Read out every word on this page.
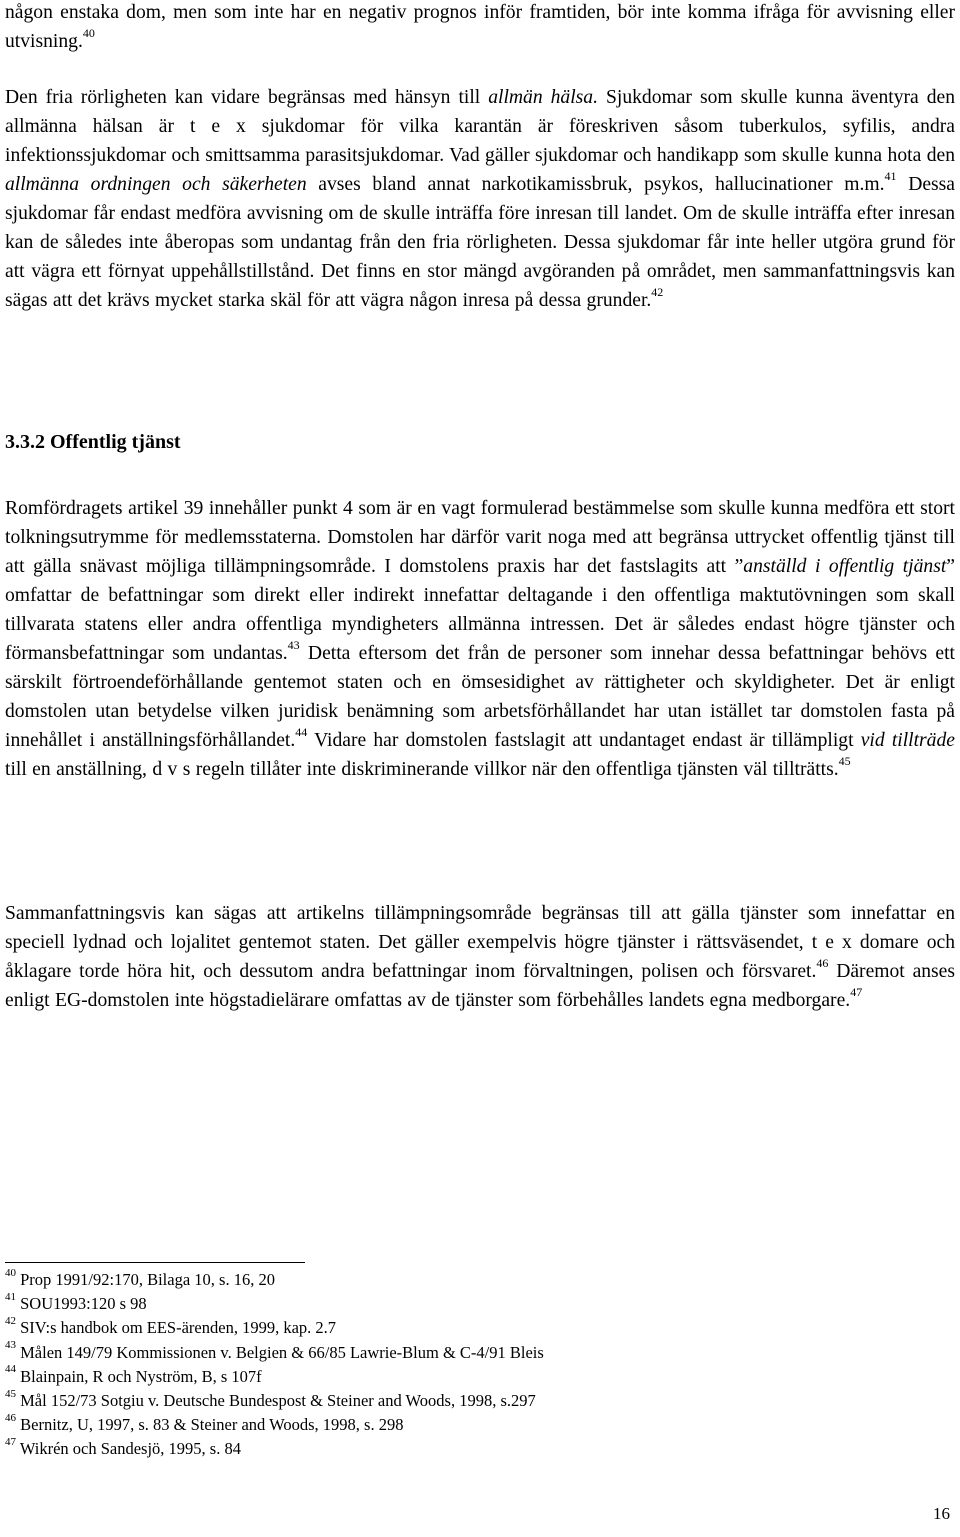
någon enstaka dom, men som inte har en negativ prognos inför framtiden, bör inte komma ifråga för avvisning eller utvisning.$^{40}$

Den fria rörligheten kan vidare begränsas med hänsyn till allmän hälsa. Sjukdomar som skulle kunna äventyra den allmänna hälsan är t e x sjukdomar för vilka karantän är föreskriven såsom tuberkulos, syfilis, andra infektionssjukdomar och smittsamma parasitsjukdomar. Vad gäller sjukdomar och handikapp som skulle kunna hota den allmänna ordningen och säkerheten avses bland annat narkotikamissbruk, psykos, hallucinationer m.m.$^{41}$ Dessa sjukdomar får endast medföra avvisning om de skulle inträffa före inresan till landet. Om de skulle inträffa efter inresan kan de således inte åberopas som undantag från den fria rörligheten. Dessa sjukdomar får inte heller utgöra grund för att vägra ett förnyat uppehållstillstånd. Det finns en stor mängd avgöranden på området, men sammanfattningsvis kan sägas att det krävs mycket starka skäl för att vägra någon inresa på dessa grunder.$^{42}$

3.3.2 Offentlig tjänst

Romfördragets artikel 39 innehåller punkt 4 som är en vagt formulerad bestämmelse som skulle kunna medföra ett stort tolkningsutrymme för medlemsstaterna. Domstolen har därför varit noga med att begränsa uttrycket offentlig tjänst till att gälla snävast möjliga tillämpningsområde. I domstolens praxis har det fastslagits att ”anställd i offentlig tjänst” omfattar de befattningar som direkt eller indirekt innefattar deltagande i den offentliga maktutövningen som skall tillvarata statens eller andra offentliga myndigheters allmänna intressen. Det är således endast högre tjänster och förmansbefattningar som undantas.$^{43}$ Detta eftersom det från de personer som innehar dessa befattningar behövs ett särskilt förtroendeförhållande gentemot staten och en ömsesidighet av rättigheter och skyldigheter. Det är enligt domstolen utan betydelse vilken juridisk benämning som arbetsförhållandet har utan istället tar domstolen fasta på innehållet i anställningsförhållandet.$^{44}$ Vidare har domstolen fastslagit att undantaget endast är tillämpligt vid tillträde till en anställning, d v s regeln tillåter inte diskriminerande villkor när den offentliga tjänsten väl tillträtts.$^{45}$

Sammanfattningsvis kan sägas att artikelns tillämpningsområde begränsas till att gälla tjänster som innefattar en speciell lydnad och lojalitet gentemot staten. Det gäller exempelvis högre tjänster i rättsväsendet, t e x domare och åklagare torde höra hit, och dessutom andra befattningar inom förvaltningen, polisen och försvaret.$^{46}$ Däremot anses enligt EG-domstolen inte högstadielärare omfattas av de tjänster som förbehålles landets egna medborgare.$^{47}$

$^{40}$ Prop 1991/92:170, Bilaga 10, s. 16, 20
$^{41}$ SOU1993:120 s 98
$^{42}$ SIV:s handbok om EES-ärenden, 1999, kap. 2.7
$^{43}$ Målen 149/79 Kommissionen v. Belgien & 66/85 Lawrie-Blum & C-4/91 Bleis
$^{44}$ Blainpain, R och Nyström, B, s 107f
$^{45}$ Mål 152/73 Sotgiu v. Deutsche Bundespost & Steiner and Woods, 1998, s.297
$^{46}$ Bernitz, U, 1997, s. 83 & Steiner and Woods, 1998, s. 298
$^{47}$ Wikrén och Sandesjö, 1995, s. 84
16
